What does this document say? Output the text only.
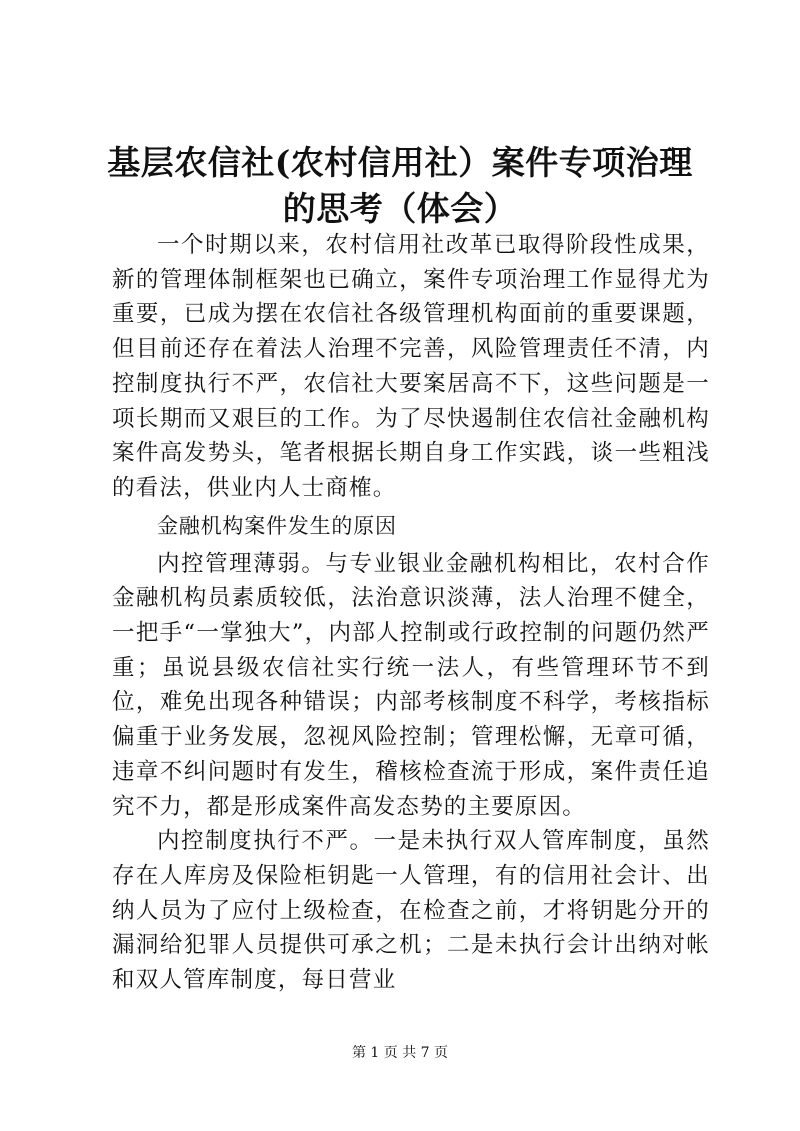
基层农信社(农村信用社）案件专项治理的思考（体会）

一个时期以来，农村信用社改革已取得阶段性成果，新的管理体制框架也已确立，案件专项治理工作显得尤为重要，已成为摆在农信社各级管理机构面前的重要课题，但目前还存在着法人治理不完善，风险管理责任不清，内控制度执行不严，农信社大要案居高不下，这些问题是一项长期而又艰巨的工作。为了尽快遏制住农信社金融机构案件高发势头，笔者根据长期自身工作实践，谈一些粗浅的看法，供业内人士商榷。

金融机构案件发生的原因

内控管理薄弱。与专业银业金融机构相比，农村合作金融机构员素质较低，法治意识淡薄，法人治理不健全，一把手“一掌独大”，内部人控制或行政控制的问题仍然严重；虽说县级农信社实行统一法人，有些管理环节不到位，难免出现各种错误；内部考核制度不科学，考核指标偏重于业务发展，忽视风险控制；管理松懈，无章可循，违章不纠问题时有发生，稽核检查流于形成，案件责任追究不力，都是形成案件高发态势的主要原因。

内控制度执行不严。一是未执行双人管库制度，虽然存在人库房及保险柜钥匙一人管理，有的信用社会计、出纳人员为了应付上级检查，在检查之前，才将钥匙分开的漏洞给犯罪人员提供可承之机；二是未执行会计出纳对帐和双人管库制度，每日营业

第 1 页 共 7 页
